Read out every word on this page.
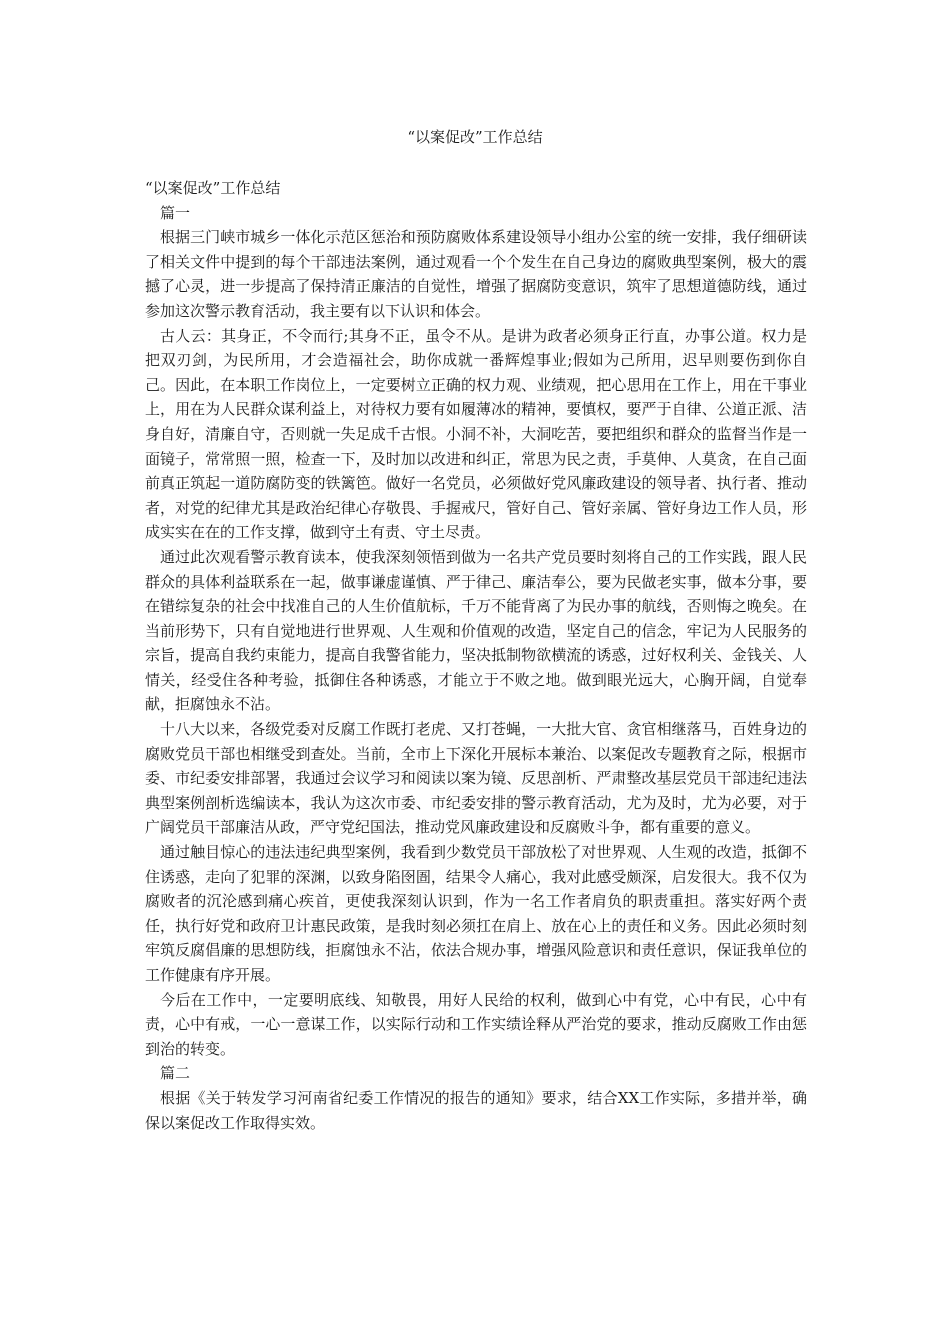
“以案促改”工作总结

“以案促改”工作总结

篇一

根据三门峡市城乡一体化示范区惩治和预防腐败体系建设领导小组办公室的统一安排，我仔细研读了相关文件中提到的每个干部违法案例，通过观看一个个发生在自己身边的腐败典型案例，极大的震撼了心灵，进一步提高了保持清正廉洁的自觉性，增强了据腐防变意识，筑牢了思想道德防线，通过参加这次警示教育活动，我主要有以下认识和体会。

古人云：其身正，不令而行;其身不正，虽令不从。是讲为政者必须身正行直，办事公道。权力是把双刃剑，为民所用，才会造福社会，助你成就一番辉煌事业;假如为己所用，迟早则要伤到你自己。因此，在本职工作岗位上，一定要树立正确的权力观、业绩观，把心思用在工作上，用在干事业上，用在为人民群众谋利益上，对待权力要有如履薄冰的精神，要慎权，要严于自律、公道正派、洁身自好，清廉自守，否则就一失足成千古恨。小洞不补，大洞吃苦，要把组织和群众的监督当作是一面镜子，常常照一照，检查一下，及时加以改进和纠正，常思为民之责，手莫伸、人莫贪，在自己面前真正筑起一道防腐防变的铁篱笆。做好一名党员，必须做好党风廉政建设的领导者、执行者、推动者，对党的纪律尤其是政治纪律心存敬畏、手握戒尺，管好自己、管好亲属、管好身边工作人员，形成实实在在的工作支撑，做到守土有责、守土尽责。

通过此次观看警示教育读本，使我深刻领悟到做为一名共产党员要时刻将自己的工作实践，跟人民群众的具体利益联系在一起，做事谦虚谨慎、严于律己、廉洁奉公，要为民做老实事，做本分事，要在错综复杂的社会中找准自己的人生价值航标，千万不能背离了为民办事的航线，否则悔之晚矣。在当前形势下，只有自觉地进行世界观、人生观和价值观的改造，坚定自己的信念，牢记为人民服务的宗旨，提高自我约束能力，提高自我警省能力，坚决抵制物欲横流的诱惑，过好权利关、金钱关、人情关，经受住各种考验，抵御住各种诱惑，才能立于不败之地。做到眼光远大，心胸开阔，自觉奉献，拒腐蚀永不沾。

十八大以来，各级党委对反腐工作既打老虎、又打苍蝇，一大批大官、贪官相继落马，百姓身边的腐败党员干部也相继受到查处。当前，全市上下深化开展标本兼治、以案促改专题教育之际，根据市委、市纪委安排部署，我通过会议学习和阅读以案为镜、反思剖析、严肃整改基层党员干部违纪违法典型案例剖析选编读本，我认为这次市委、市纪委安排的警示教育活动，尤为及时，尤为必要，对于广阔党员干部廉洁从政，严守党纪国法，推动党风廉政建设和反腐败斗争，都有重要的意义。

通过触目惊心的违法违纪典型案例，我看到少数党员干部放松了对世界观、人生观的改造，抵御不住诱惑，走向了犯罪的深渊，以致身陷囹圄，结果令人痛心，我对此感受颇深，启发很大。我不仅为腐败者的沉沦感到痛心疾首，更使我深刻认识到，作为一名工作者肩负的职责重担。落实好两个责任，执行好党和政府卫计惠民政策，是我时刻必须扛在肩上、放在心上的责任和义务。因此必须时刻牢筑反腐倡廉的思想防线，拒腐蚀永不沾，依法合规办事，增强风险意识和责任意识，保证我单位的工作健康有序开展。

今后在工作中，一定要明底线、知敬畏，用好人民给的权利，做到心中有党，心中有民，心中有责，心中有戒，一心一意谋工作，以实际行动和工作实绩诠释从严治党的要求，推动反腐败工作由惩到治的转变。

篇二

根据《关于转发学习河南省纪委工作情况的报告的通知》要求，结合XX工作实际，多措并举，确保以案促改工作取得实效。
